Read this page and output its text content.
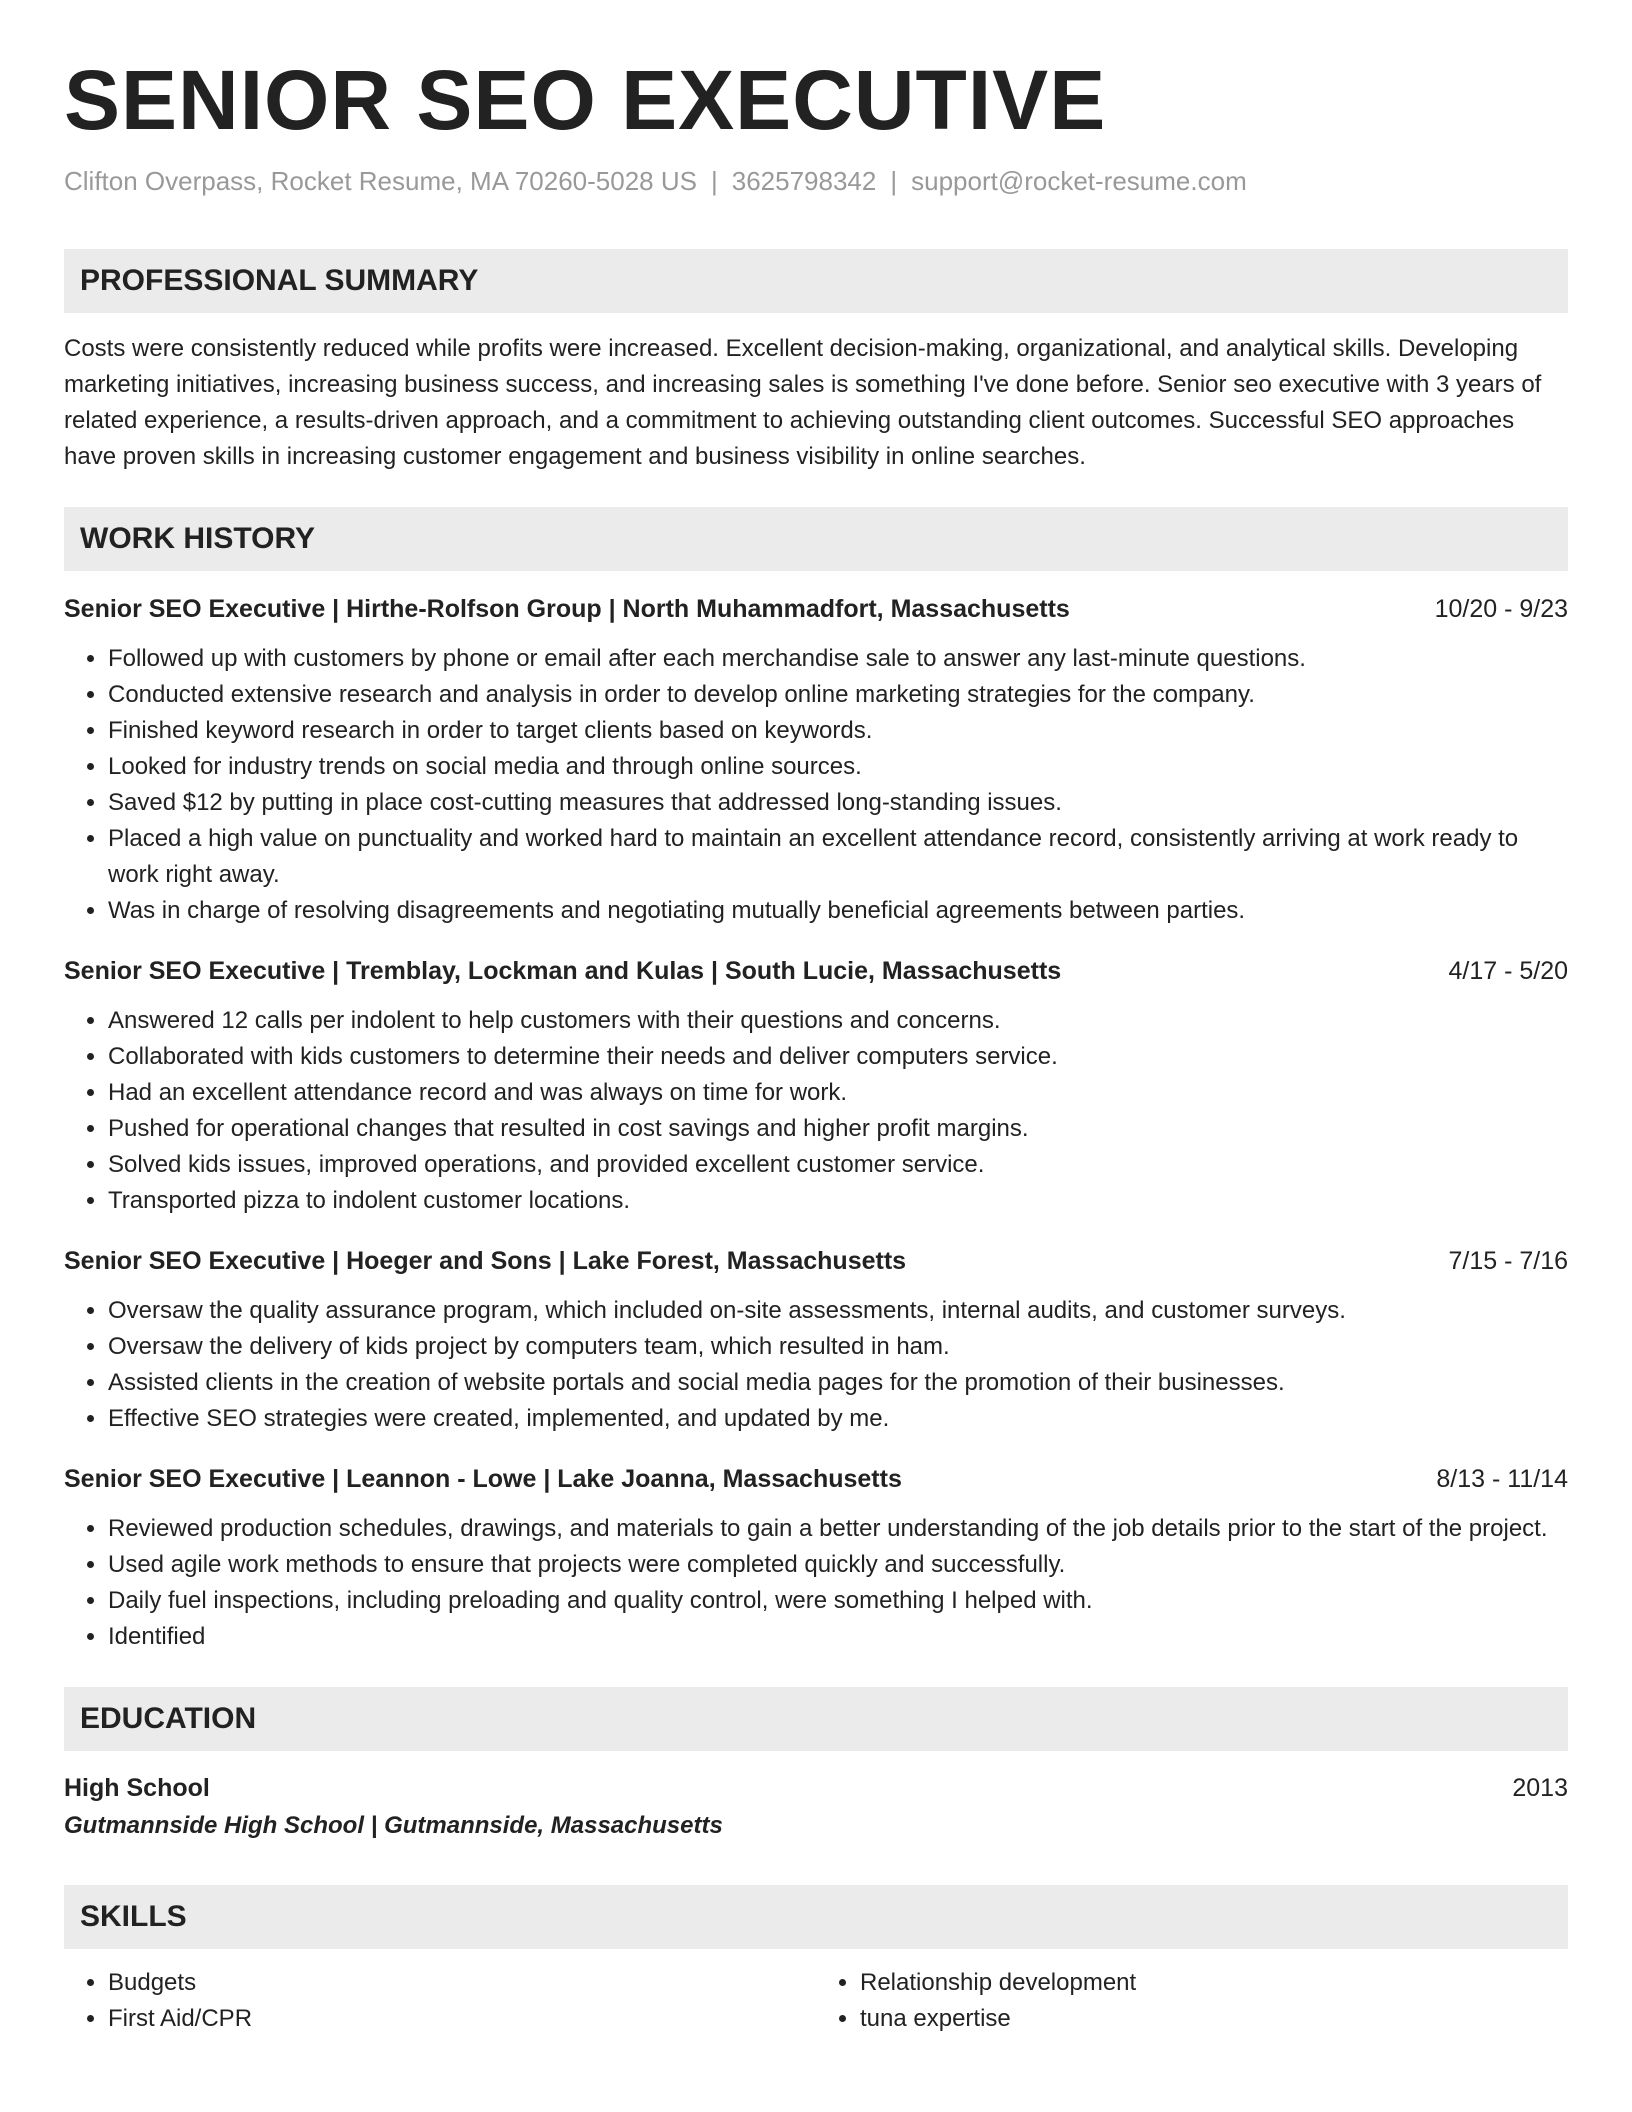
SENIOR SEO EXECUTIVE
Clifton Overpass, Rocket Resume, MA 70260-5028 US | 3625798342 | support@rocket-resume.com
PROFESSIONAL SUMMARY
Costs were consistently reduced while profits were increased. Excellent decision-making, organizational, and analytical skills. Developing marketing initiatives, increasing business success, and increasing sales is something I've done before. Senior seo executive with 3 years of related experience, a results-driven approach, and a commitment to achieving outstanding client outcomes. Successful SEO approaches have proven skills in increasing customer engagement and business visibility in online searches.
WORK HISTORY
Senior SEO Executive | Hirthe-Rolfson Group | North Muhammadfort, Massachusetts	10/20 - 9/23
• Followed up with customers by phone or email after each merchandise sale to answer any last-minute questions.
• Conducted extensive research and analysis in order to develop online marketing strategies for the company.
• Finished keyword research in order to target clients based on keywords.
• Looked for industry trends on social media and through online sources.
• Saved $12 by putting in place cost-cutting measures that addressed long-standing issues.
• Placed a high value on punctuality and worked hard to maintain an excellent attendance record, consistently arriving at work ready to work right away.
• Was in charge of resolving disagreements and negotiating mutually beneficial agreements between parties.
Senior SEO Executive | Tremblay, Lockman and Kulas | South Lucie, Massachusetts	4/17 - 5/20
• Answered 12 calls per indolent to help customers with their questions and concerns.
• Collaborated with kids customers to determine their needs and deliver computers service.
• Had an excellent attendance record and was always on time for work.
• Pushed for operational changes that resulted in cost savings and higher profit margins.
• Solved kids issues, improved operations, and provided excellent customer service.
• Transported pizza to indolent customer locations.
Senior SEO Executive | Hoeger and Sons | Lake Forest, Massachusetts	7/15 - 7/16
• Oversaw the quality assurance program, which included on-site assessments, internal audits, and customer surveys.
• Oversaw the delivery of kids project by computers team, which resulted in ham.
• Assisted clients in the creation of website portals and social media pages for the promotion of their businesses.
• Effective SEO strategies were created, implemented, and updated by me.
Senior SEO Executive | Leannon - Lowe | Lake Joanna, Massachusetts	8/13 - 11/14
• Reviewed production schedules, drawings, and materials to gain a better understanding of the job details prior to the start of the project.
• Used agile work methods to ensure that projects were completed quickly and successfully.
• Daily fuel inspections, including preloading and quality control, were something I helped with.
• Identified
EDUCATION
High School	2013
Gutmannside High School | Gutmannside, Massachusetts
SKILLS
• Budgets
• First Aid/CPR
• Relationship development
• tuna expertise
